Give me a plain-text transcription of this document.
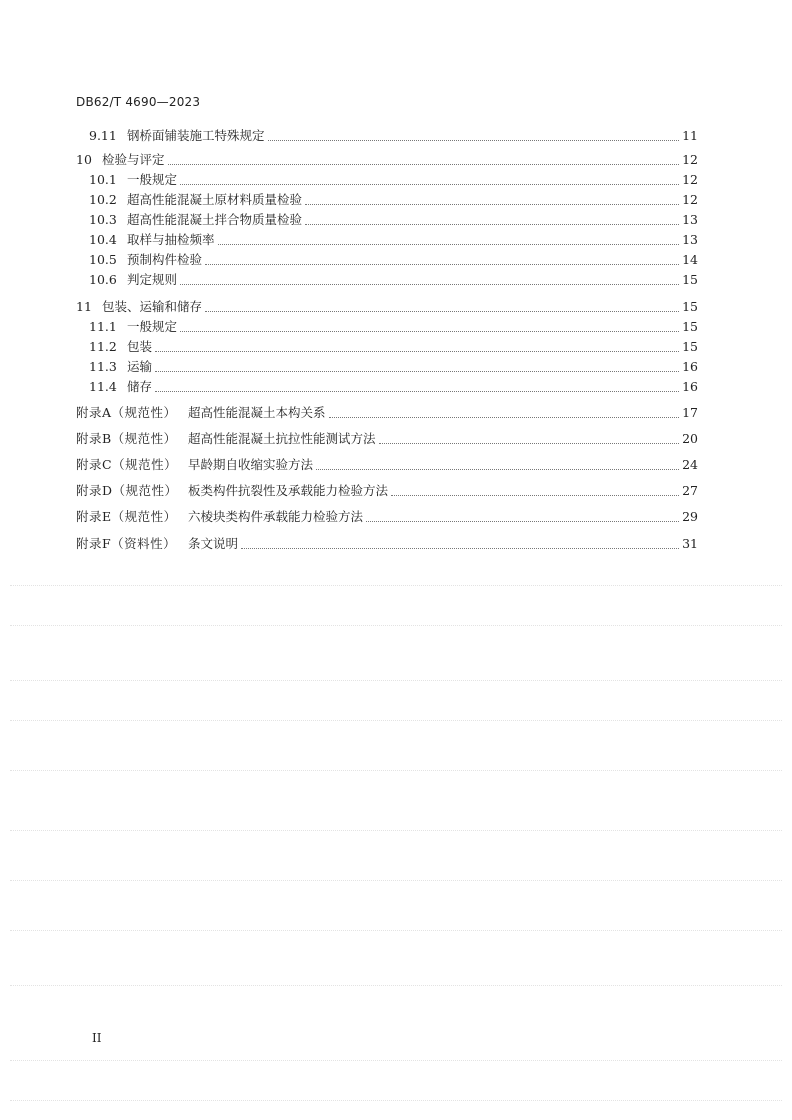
DB62/T 4690—2023
9.11 钢桥面铺装施工特殊规定	11
10 检验与评定	12
10.1 一般规定	12
10.2 超高性能混凝土原材料质量检验	12
10.3 超高性能混凝土拌合物质量检验	13
10.4 取样与抽检频率	13
10.5 预制构件检验	14
10.6 判定规则	15
11 包装、运输和储存	15
11.1 一般规定	15
11.2 包装	15
11.3 运输	16
11.4 储存	16
附录A（规范性） 超高性能混凝土本构关系	17
附录B（规范性） 超高性能混凝土抗拉性能测试方法	20
附录C（规范性） 早龄期自收缩实验方法	24
附录D（规范性） 板类构件抗裂性及承载能力检验方法	27
附录E（规范性） 六棱块类构件承载能力检验方法	29
附录F（资料性） 条文说明	31
II
